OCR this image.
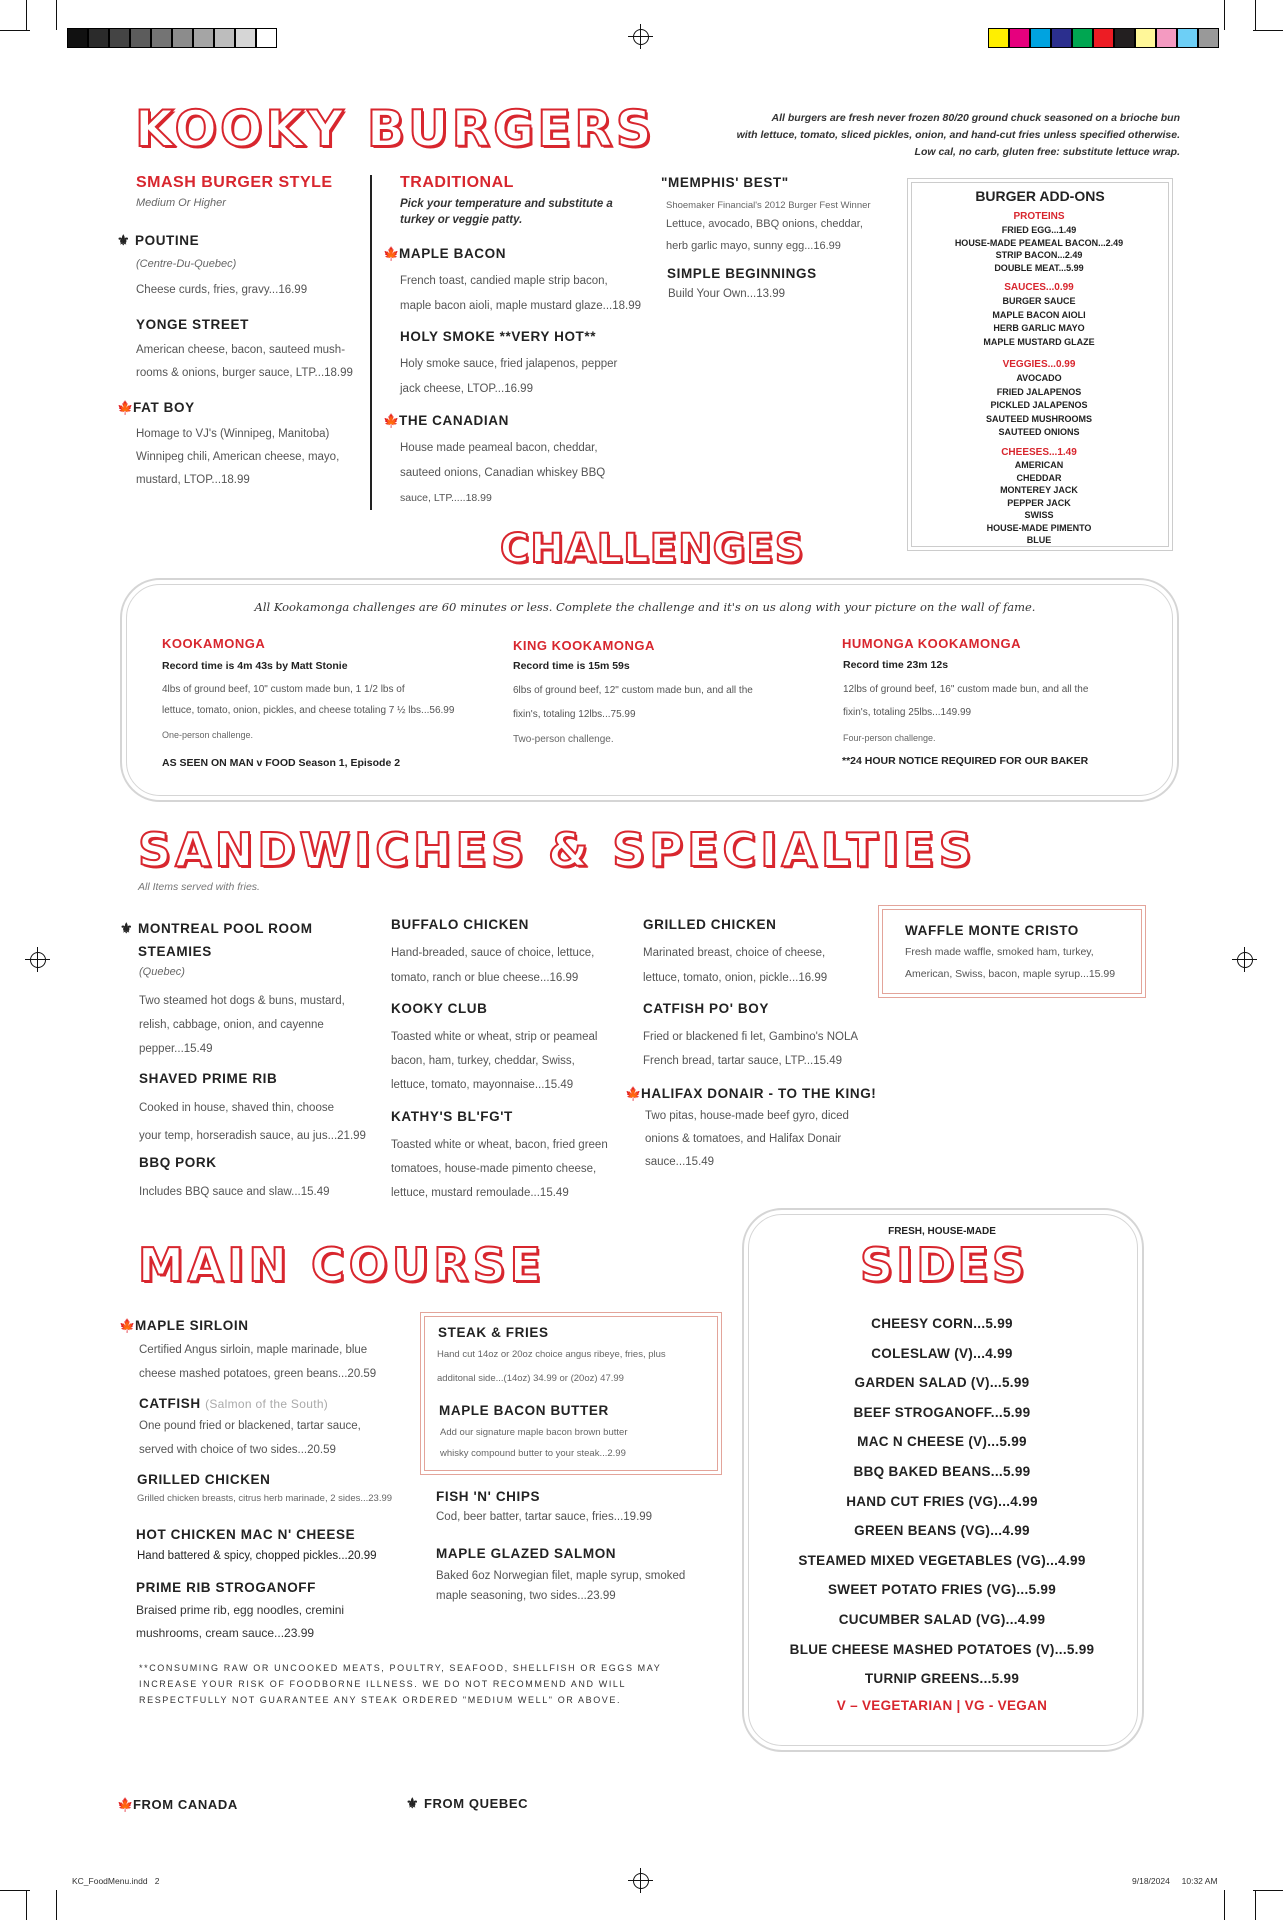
KOOKY BURGERS	All burgers are fresh never frozen 80/20 ground chuck seasoned on a brioche bun
with lettuce, tomato, sliced pickles, onion, and hand-cut fries unless specified otherwise.
Low cal, no carb, gluten free: substitute lettuce wrap.
SMASH BURGER STYLE
Medium Or Higher
⚜ POUTINE
(Centre-Du-Quebec)
Cheese curds, fries, gravy...16.99
YONGE STREET
American cheese, bacon, sauteed mush-
rooms & onions, burger sauce, LTP...18.99
🍁FAT BOY
Homage to VJ's (Winnipeg, Manitoba)
Winnipeg chili, American cheese, mayo,
mustard, LTOP...18.99
TRADITIONAL
Pick your temperature and substitute a
turkey or veggie patty.
🍁MAPLE BACON
French toast, candied maple strip bacon,
maple bacon aioli, maple mustard glaze...18.99
HOLY SMOKE **VERY HOT**
Holy smoke sauce, fried jalapenos, pepper
jack cheese, LTOP...16.99
🍁THE CANADIAN
House made peameal bacon, cheddar,
sauteed onions, Canadian whiskey BBQ
sauce, LTP.....18.99
"MEMPHIS' BEST"
Shoemaker Financial's 2012 Burger Fest Winner
Lettuce, avocado, BBQ onions, cheddar,
herb garlic mayo, sunny egg...16.99
SIMPLE BEGINNINGS
Build Your Own...13.99
BURGER ADD-ONS
PROTEINS
FRIED EGG...1.49
HOUSE-MADE PEAMEAL BACON...2.49
STRIP BACON...2.49
DOUBLE MEAT...5.99
SAUCES...0.99
BURGER SAUCE
MAPLE BACON AIOLI
HERB GARLIC MAYO
MAPLE MUSTARD GLAZE
VEGGIES...0.99
AVOCADO
FRIED JALAPENOS
PICKLED JALAPENOS
SAUTEED MUSHROOMS
SAUTEED ONIONS
CHEESES...1.49
AMERICAN
CHEDDAR
MONTEREY JACK
PEPPER JACK
SWISS
HOUSE-MADE PIMENTO
BLUE
CHALLENGES
All Kookamonga challenges are 60 minutes or less. Complete the challenge and it's on us along with your picture on the wall of fame.
KOOKAMONGA
Record time is 4m 43s by Matt Stonie
4lbs of ground beef, 10" custom made bun, 1 1/2 lbs of
lettuce, tomato, onion, pickles, and cheese totaling 7 ½ lbs...56.99
One-person challenge.
AS SEEN ON MAN v FOOD Season 1, Episode 2
KING KOOKAMONGA
Record time is 15m 59s
6lbs of ground beef, 12" custom made bun, and all the
fixin's, totaling 12lbs...75.99
Two-person challenge.
HUMONGA KOOKAMONGA
Record time 23m 12s
12lbs of ground beef, 16" custom made bun, and all the
fixin's, totaling 25lbs...149.99
Four-person challenge.
**24 HOUR NOTICE REQUIRED FOR OUR BAKER
SANDWICHES & SPECIALTIES
All Items served with fries.
⚜ MONTREAL POOL ROOM
STEAMIES
(Quebec)
Two steamed hot dogs & buns, mustard,
relish, cabbage, onion, and cayenne
pepper...15.49
SHAVED PRIME RIB
Cooked in house, shaved thin, choose
your temp, horseradish sauce, au jus...21.99
BBQ PORK
Includes BBQ sauce and slaw...15.49
BUFFALO CHICKEN
Hand-breaded, sauce of choice, lettuce,
tomato, ranch or blue cheese...16.99
KOOKY CLUB
Toasted white or wheat, strip or peameal
bacon, ham, turkey, cheddar, Swiss,
lettuce, tomato, mayonnaise...15.49
KATHY'S BL'FG'T
Toasted white or wheat, bacon, fried green
tomatoes, house-made pimento cheese,
lettuce, mustard remoulade...15.49
GRILLED CHICKEN
Marinated breast, choice of cheese,
lettuce, tomato, onion, pickle...16.99
CATFISH PO' BOY
Fried or blackened fi let, Gambino's NOLA
French bread, tartar sauce, LTP...15.49
🍁HALIFAX DONAIR - TO THE KING!
Two pitas, house-made beef gyro, diced
onions & tomatoes, and Halifax Donair
sauce...15.49
WAFFLE MONTE CRISTO
Fresh made waffle, smoked ham, turkey,
American, Swiss, bacon, maple syrup...15.99
MAIN COURSE
🍁MAPLE SIRLOIN
Certified Angus sirloin, maple marinade, blue
cheese mashed potatoes, green beans...20.59
CATFISH (Salmon of the South)
One pound fried or blackened, tartar sauce,
served with choice of two sides...20.59
GRILLED CHICKEN
Grilled chicken breasts, citrus herb marinade, 2 sides...23.99
HOT CHICKEN MAC N' CHEESE
Hand battered & spicy, chopped pickles...20.99
PRIME RIB STROGANOFF
Braised prime rib, egg noodles, cremini
mushrooms, cream sauce...23.99
STEAK & FRIES
Hand cut 14oz or 20oz choice angus ribeye, fries, plus
additonal side...(14oz) 34.99 or (20oz) 47.99
MAPLE BACON BUTTER
Add our signature maple bacon brown butter
whisky compound butter to your steak...2.99
FISH 'N' CHIPS
Cod, beer batter, tartar sauce, fries...19.99
MAPLE GLAZED SALMON
Baked 6oz Norwegian filet, maple syrup, smoked
maple seasoning, two sides...23.99
**CONSUMING RAW OR UNCOOKED MEATS, POULTRY, SEAFOOD, SHELLFISH OR EGGS MAY
INCREASE YOUR RISK OF FOODBORNE ILLNESS. WE DO NOT RECOMMEND AND WILL
RESPECTFULLY NOT GUARANTEE ANY STEAK ORDERED "MEDIUM WELL" OR ABOVE.
FRESH, HOUSE-MADE
SIDES
CHEESY CORN...5.99
COLESLAW (V)...4.99
GARDEN SALAD (V)...5.99
BEEF STROGANOFF...5.99
MAC N CHEESE (V)...5.99
BBQ BAKED BEANS...5.99
HAND CUT FRIES (VG)...4.99
GREEN BEANS (VG)...4.99
STEAMED MIXED VEGETABLES (VG)...4.99
SWEET POTATO FRIES (VG)...5.99
CUCUMBER SALAD (VG)...4.99
BLUE CHEESE MASHED POTATOES (V)...5.99
TURNIP GREENS...5.99
V – VEGETARIAN | VG - VEGAN
🍁FROM CANADA	⚜ FROM QUEBEC
KC_FoodMenu.indd   2	9/18/2024 10:32 AM
